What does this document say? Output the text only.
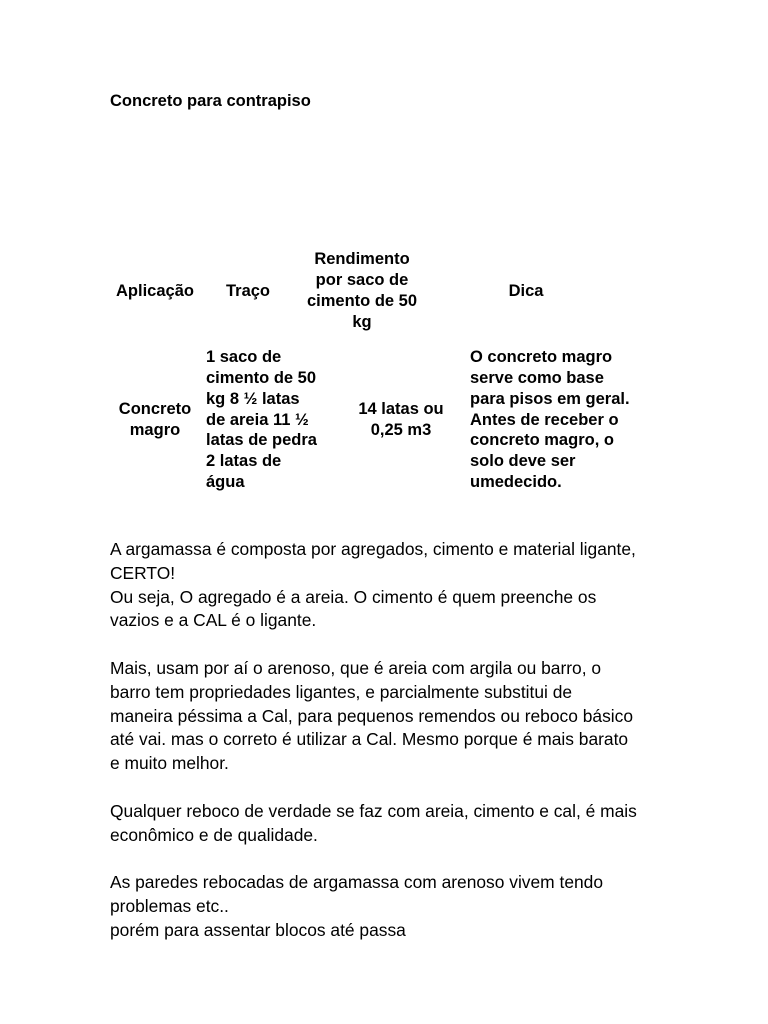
Concreto para contrapiso
Aplicação Traço
Rendimento
por saco de
cimento de 50
kg
Dica
Concreto
magro
1 saco de
cimento de 50
kg 8 ½ latas
de areia 11 ½
latas de pedra
2 latas de
água
14 latas ou
0,25 m3
O concreto magro
serve como base
para pisos em geral.
Antes de receber o
concreto magro, o
solo deve ser
umedecido.
A argamassa é composta por agregados, cimento e material ligante,
CERTO!
Ou seja, O agregado é a areia. O cimento é quem preenche os
vazios e a CAL é o ligante.
Mais, usam por aí o arenoso, que é areia com argila ou barro, o
barro tem propriedades ligantes, e parcialmente substitui de
maneira péssima a Cal, para pequenos remendos ou reboco básico
até vai. mas o correto é utilizar a Cal. Mesmo porque é mais barato
e muito melhor.
Qualquer reboco de verdade se faz com areia, cimento e cal, é mais
econômico e de qualidade.
As paredes rebocadas de argamassa com arenoso vivem tendo
problemas etc..
porém para assentar blocos até passa
